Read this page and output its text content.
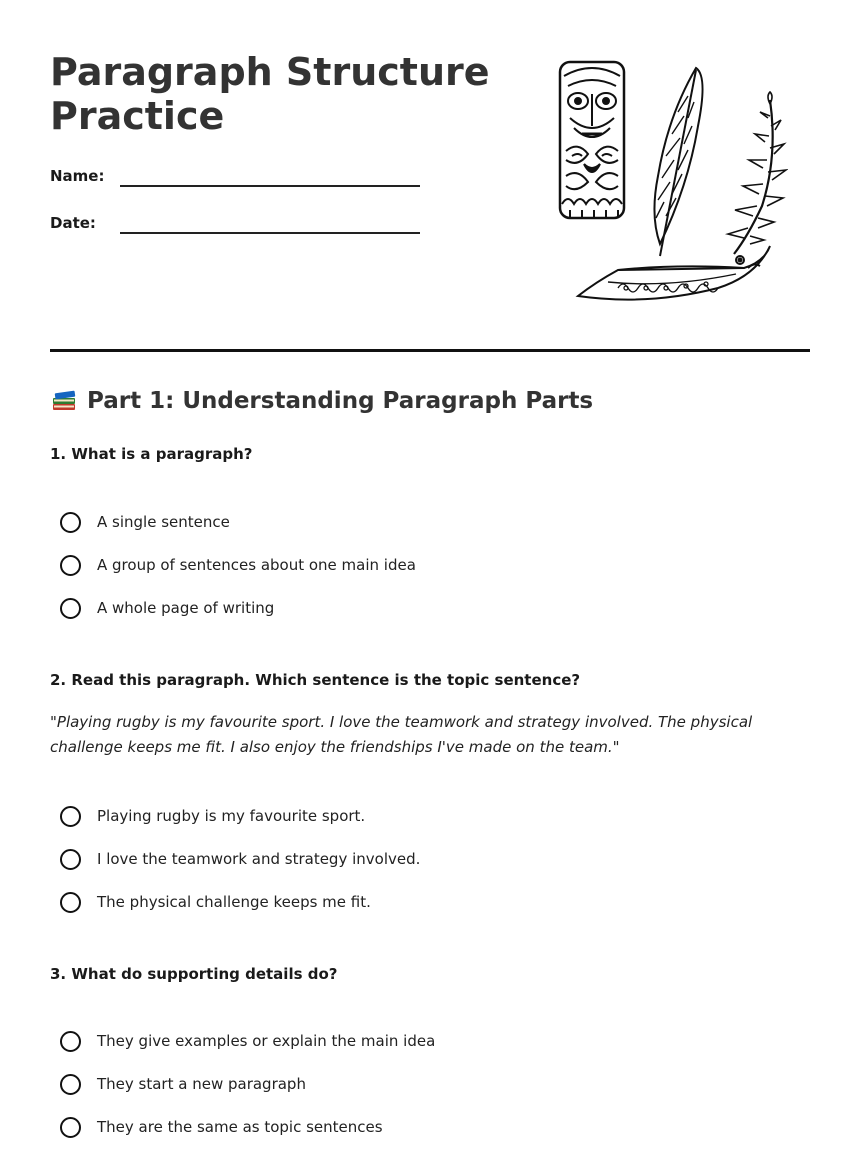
Paragraph Structure Practice
Name:
Date:
Part 1: Understanding Paragraph Parts
1. What is a paragraph?
A single sentence
A group of sentences about one main idea
A whole page of writing
2. Read this paragraph. Which sentence is the topic sentence?
"Playing rugby is my favourite sport. I love the teamwork and strategy involved. The physical challenge keeps me fit. I also enjoy the friendships I've made on the team."
Playing rugby is my favourite sport.
I love the teamwork and strategy involved.
The physical challenge keeps me fit.
3. What do supporting details do?
They give examples or explain the main idea
They start a new paragraph
They are the same as topic sentences
